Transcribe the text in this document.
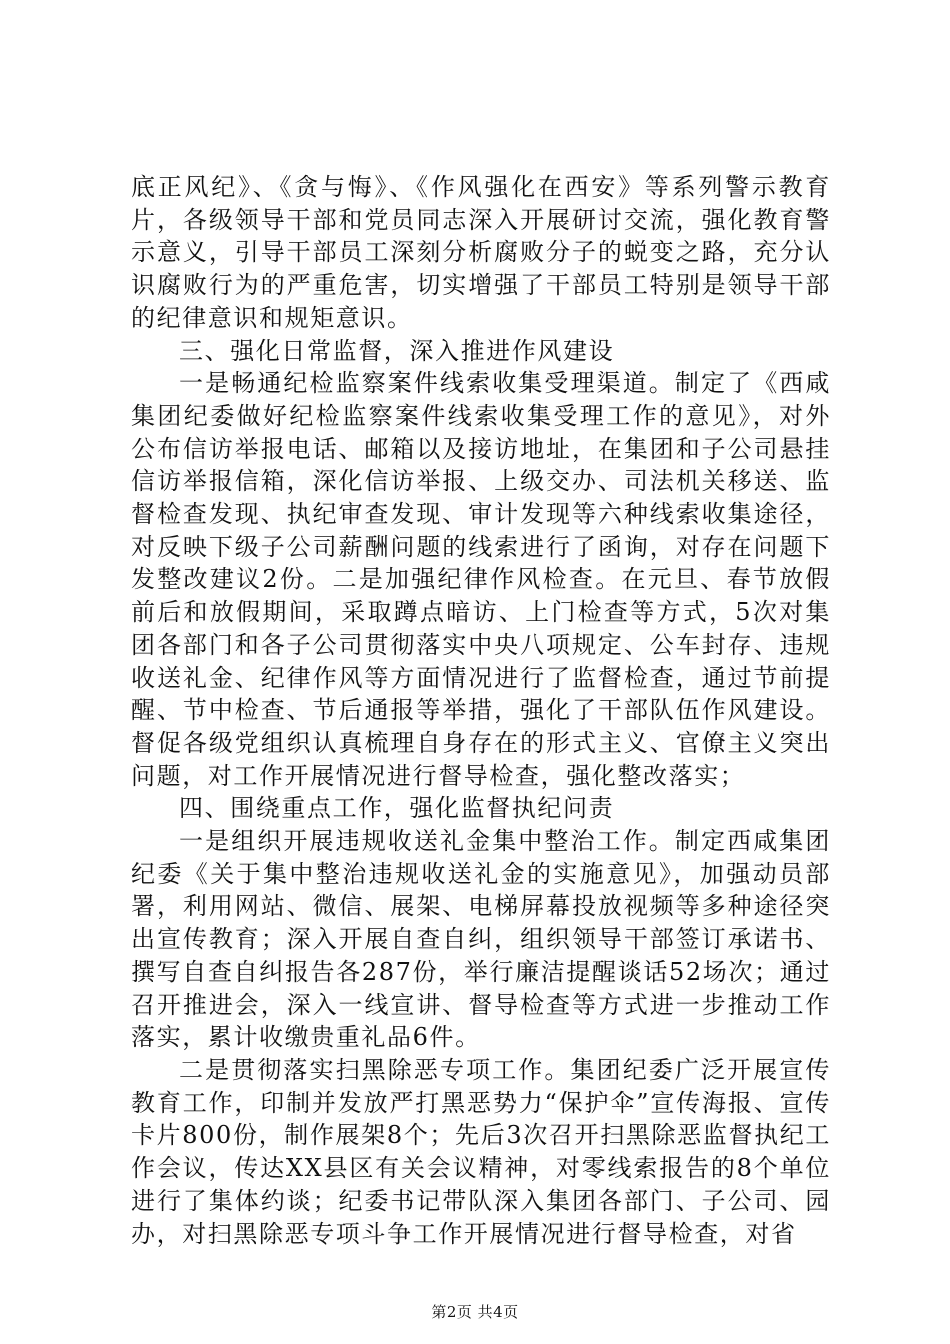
底正风纪》、《贪与悔》、《作风强化在西安》等系列警示教育片，各级领导干部和党员同志深入开展研讨交流，强化教育警示意义，引导干部员工深刻分析腐败分子的蜕变之路，充分认识腐败行为的严重危害，切实增强了干部员工特别是领导干部的纪律意识和规矩意识。

三、强化日常监督，深入推进作风建设

一是畅通纪检监察案件线索收集受理渠道。制定了《西咸集团纪委做好纪检监察案件线索收集受理工作的意见》，对外公布信访举报电话、邮箱以及接访地址，在集团和子公司悬挂信访举报信箱，深化信访举报、上级交办、司法机关移送、监督检查发现、执纪审查发现、审计发现等六种线索收集途径，对反映下级子公司薪酬问题的线索进行了函询，对存在问题下发整改建议2份。二是加强纪律作风检查。在元旦、春节放假前后和放假期间，采取蹲点暗访、上门检查等方式，5次对集团各部门和各子公司贯彻落实中央八项规定、公车封存、违规收送礼金、纪律作风等方面情况进行了监督检查，通过节前提醒、节中检查、节后通报等举措，强化了干部队伍作风建设。督促各级党组织认真梳理自身存在的形式主义、官僚主义突出问题，对工作开展情况进行督导检查，强化整改落实；

四、围绕重点工作，强化监督执纪问责

一是组织开展违规收送礼金集中整治工作。制定西咸集团纪委《关于集中整治违规收送礼金的实施意见》，加强动员部署，利用网站、微信、展架、电梯屏幕投放视频等多种途径突出宣传教育；深入开展自查自纠，组织领导干部签订承诺书、撰写自查自纠报告各287份，举行廉洁提醒谈话52场次；通过召开推进会，深入一线宣讲、督导检查等方式进一步推动工作落实，累计收缴贵重礼品6件。

二是贯彻落实扫黑除恶专项工作。集团纪委广泛开展宣传教育工作，印制并发放严打黑恶势力“保护伞”宣传海报、宣传卡片800份，制作展架8个；先后3次召开扫黑除恶监督执纪工作会议，传达XX县区有关会议精神，对零线索报告的8个单位进行了集体约谈；纪委书记带队深入集团各部门、子公司、园办，对扫黑除恶专项斗争工作开展情况进行督导检查，对省

第2页 共4页
